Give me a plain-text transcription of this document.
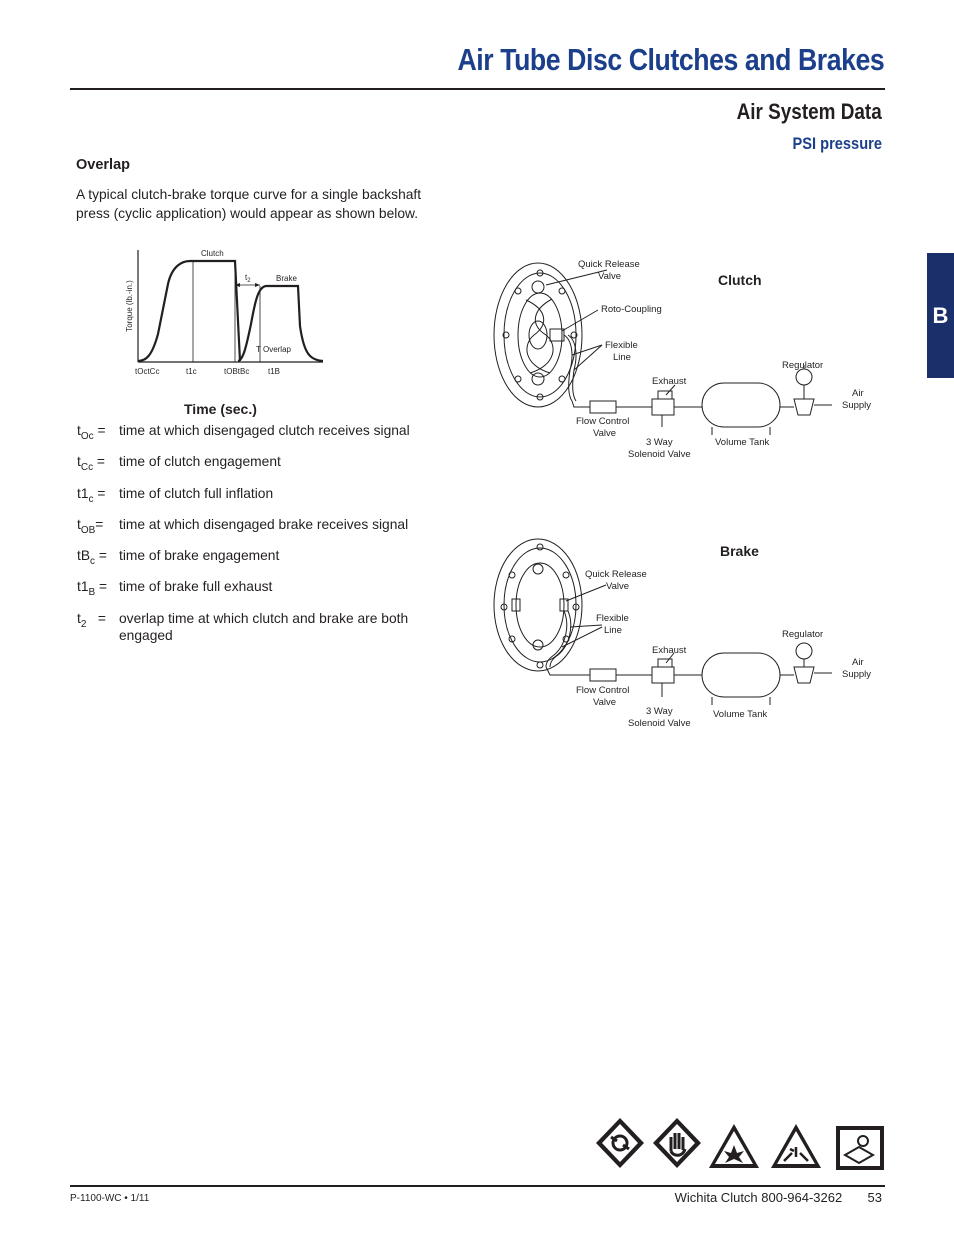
Air Tube Disc Clutches and Brakes
Air System Data
PSI pressure
B
Overlap
A typical clutch-brake torque curve for a single backshaft press (cyclic application) would appear as shown below.
Torque (lb.-in.)
Clutch
Brake
$t_2$
T Overlap
tOctCc	t1c	tOBtBc t1B
Time (sec.)
$t_{Oc}$ = time at which disengaged clutch receives signal
$t_{Cc}$ =	time of clutch engagement
$t1_c$ = time of clutch full inflation
$t_{OB}=$	time at which disengaged brake receives signal
$tB_c$ = time of brake engagement
$t1_B$ = time of brake full exhaust
$t_2$ = overlap time at which clutch and brake are both engaged
Clutch
Quick Release
Valve
Roto-Coupling
Flexible
Line
Exhaust
Regulator
Air
Supply
Flow Control
Valve
3 Way
Solenoid Valve
Volume Tank
Brake
Quick Release
Valve
Flexible
Line
Exhaust
Regulator
Air
Supply
Flow Control
Valve
3 Way
Solenoid Valve
Volume Tank
P-1100-WC • 1/11	Wichita Clutch 800-964-3262 53
